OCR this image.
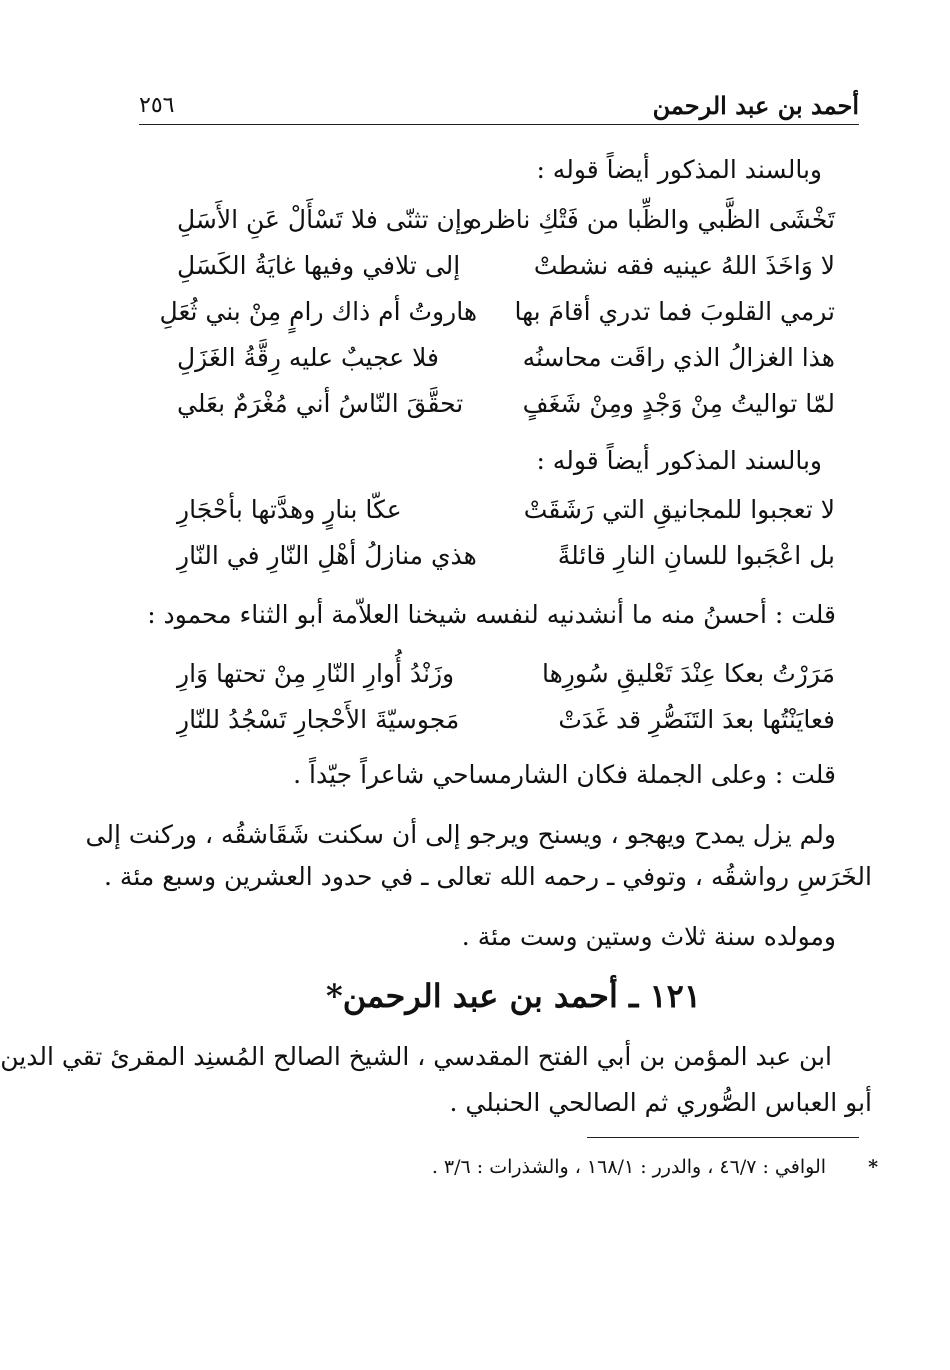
أحمد بن عبد الرحمن
٢٥٦
وبالسند المذكور أيضاً قوله :
تَخْشَى الظَّبي والظِّبا من فَتْكِ ناظره
وإن تثنّى فلا تَسْأَلْ عَنِ الأَسَلِ
لا وَاخَذَ اللهُ عينيه فقه نشطتْ
إلى تلافي وفيها غايَةُ الكَسَلِ
ترمي القلوبَ فما تدري أقامَ بها
هاروتُ أم ذاك رامٍ مِنْ بني ثُعَلِ
هذا الغزالُ الذي راقَت محاسنُه
فلا عجيبٌ عليه رِقَّةُ الغَزَلِ
لمّا تواليتُ مِنْ وَجْدٍ ومِنْ شَغَفٍ
تحقَّقَ النّاسُ أني مُغْرَمٌ بعَلي
وبالسند المذكور أيضاً قوله :
لا تعجبوا للمجانيقِ التي رَشَقَتْ
عكّا بنارٍ وهدَّتها بأحْجَارِ
بل اعْجَبوا للسانِ النارِ قائلةً
هذي منازلُ أهْلِ النّارِ في النّارِ
قلت : أحسنُ منه ما أنشدنيه لنفسه شيخنا العلاّمة أبو الثناء محمود :
مَرَرْتُ بعكا عِنْدَ تَعْليقِ سُورِها
وزَنْدُ أُوارِ النّارِ مِنْ تحتها وَارِ
فعايَنْتُها بعدَ التَنَصُّرِ قد غَدَتْ
مَجوسيّةَ الأَحْجارِ تَسْجُدُ للنّارِ
قلت : وعلى الجملة فكان الشارمساحي شاعراً جيّداً .
ولم يزل يمدح ويهجو ، ويسنح ويرجو إلى أن سكنت شَقَاشقُه ، وركنت إلى
الخَرَسِ رواشقُه ، وتوفي ـ رحمه الله تعالى ـ في حدود العشرين وسبع مئة .
ومولده سنة ثلاث وستين وست مئة .
١٢١ ـ أحمد بن عبد الرحمن*
ابن عبد المؤمن بن أبي الفتح المقدسي ، الشيخ الصالح المُسنِد المقرئ تقي الدين
أبو العباس الصُّوري ثم الصالحي الحنبلي .
* الوافي : ٤٦/٧ ، والدرر : ١٦٨/١ ، والشذرات : ٣/٦ .
